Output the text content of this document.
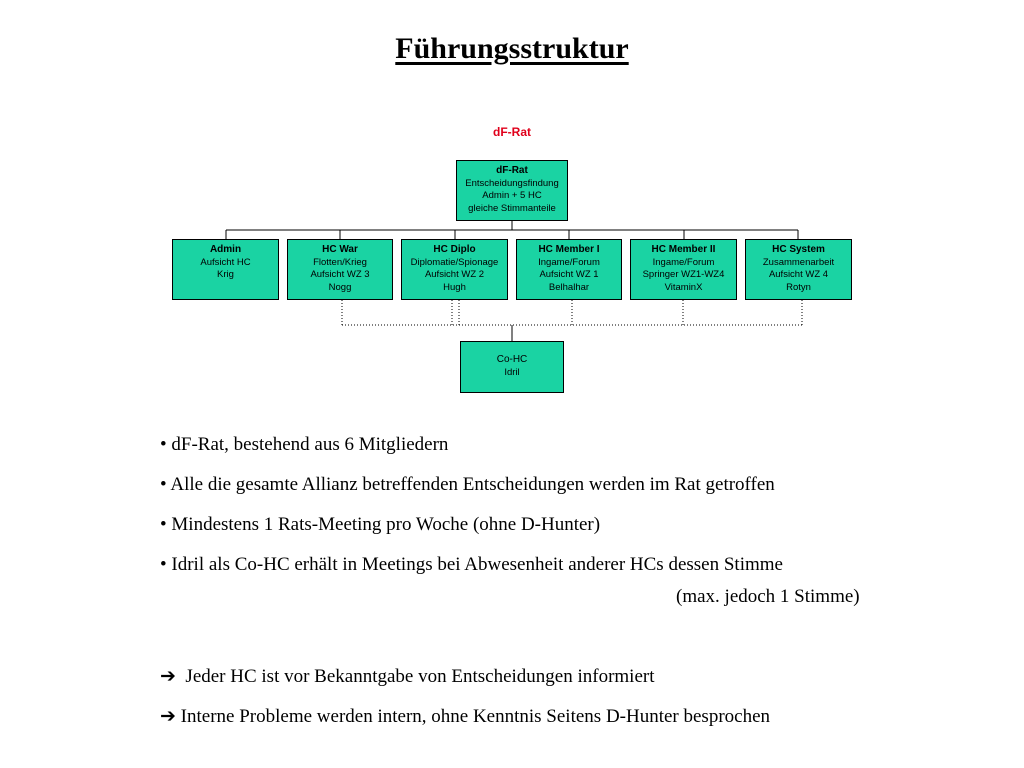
Führungsstruktur
dF-Rat
dF-Rat
Entscheidungsfindung
Admin + 5 HC
gleiche Stimmanteile
Admin
Aufsicht HC
Krig
HC War
Flotten/Krieg
Aufsicht WZ 3
Nogg
HC Diplo
Diplomatie/Spionage
Aufsicht WZ 2
Hugh
HC Member I
Ingame/Forum
Aufsicht WZ 1
Belhalhar
HC Member II
Ingame/Forum
Springer WZ1-WZ4
VitaminX
HC System
Zusammenarbeit
Aufsicht WZ 4
Rotyn
Co-HC
Idril
• dF-Rat, bestehend aus 6 Mitgliedern
• Alle die gesamte Allianz betreffenden Entscheidungen werden im Rat getroffen
• Mindestens 1 Rats-Meeting pro Woche (ohne D-Hunter)
• Idril als Co-HC erhält in Meetings bei Abwesenheit anderer HCs dessen Stimme
(max. jedoch 1 Stimme)
➔ Jeder HC ist vor Bekanntgabe von Entscheidungen informiert
➔ Interne Probleme werden intern, ohne Kenntnis Seitens D-Hunter besprochen
